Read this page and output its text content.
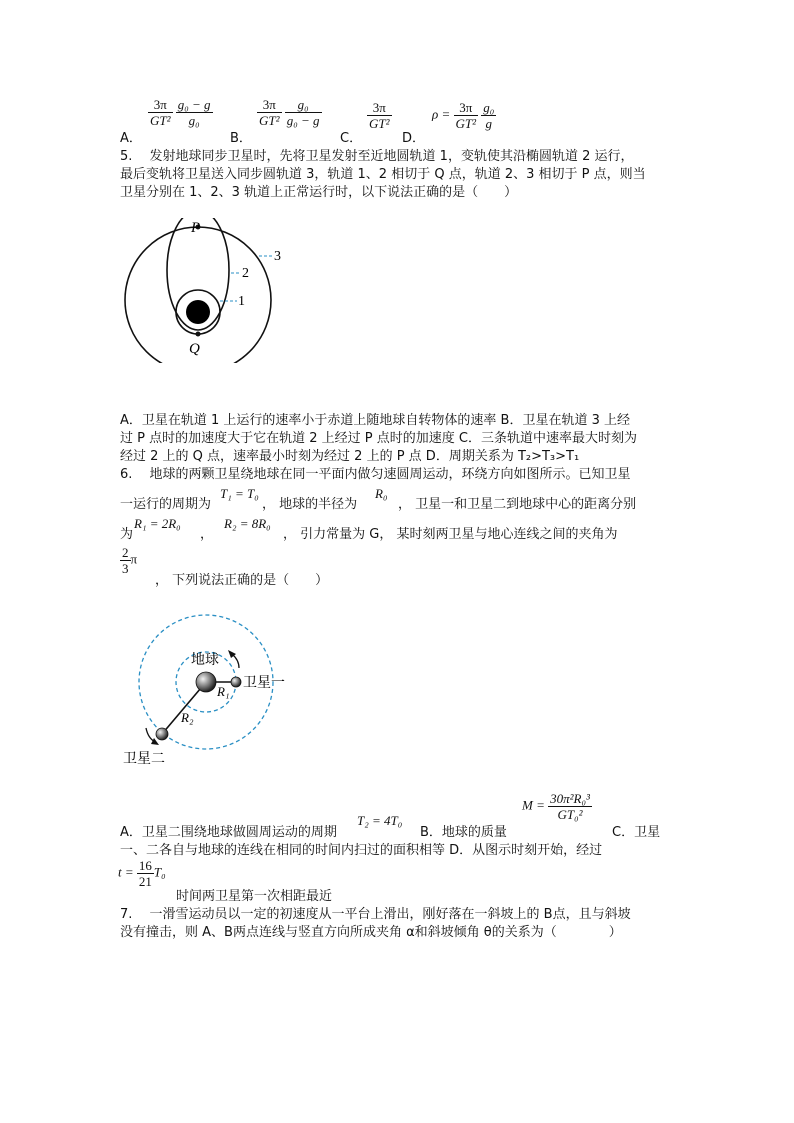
A．
$\frac{3\pi}{\text{GT²}}$
$\frac{\text{g₀ − g}}{\text{g₀}}$
B．
$\frac{3\pi}{\text{GT²}}$
$\frac{\text{g₀}}{\text{g₀ − g}}$
C．
$\frac{3\pi}{\text{GT²}}$
D．
$\rho = \frac{3\pi}{\text{GT²}}$
$\frac{\text{g₀}}{g}$
5.　 发射地球同步卫星时，先将卫星发射至近地圆轨道 1，变轨使其沿椭圆轨道 2 运行，
最后变轨将卫星送入同步圆轨道 3，轨道 1、2 相切于 Q 点，轨道 2、3 相切于 P 点，则当
卫星分别在 1、2、3 轨道上正常运行时，以下说法正确的是（　　）
P
Q
3
2
1
A．卫星在轨道 1 上运行的速率小于赤道上随地球自转物体的速率 B．卫星在轨道 3 上经
过 P 点时的加速度大于它在轨道 2 上经过 P 点时的加速度 C．三条轨道中速率最大时刻为
经过 2 上的 Q 点，速率最小时刻为经过 2 上的 P 点 D．周期关系为 T₂>T₃>T₁
6.　 地球的两颗卫星绕地球在同一平面内做匀速圆周运动，环绕方向如图所示。已知卫星
一运行的周期为
T₁ = T₀
， 地球的半径为
R₀
， 卫星一和卫星二到地球中心的距离分别
为
R₁ = 2R₀
，
R₂ = 8R₀
， 引力常量为 G， 某时刻两卫星与地心连线之间的夹角为
$\frac{2}{3}$ π
， 下列说法正确的是（　　）
地球
卫星一
卫星二
R₁
R₂
A．卫星二围绕地球做圆周运动的周期
T₂ = 4T₀
B．地球的质量
$M = \frac{\text{30π²R₀³}}{\text{GT₀²}}$
C．卫星
一、二各自与地球的连线在相同的时间内扫过的面积相等 D．从图示时刻开始，经过
$t = \frac{16}{21} T_0$
时间两卫星第一次相距最近
7.　 一滑雪运动员以一定的初速度从一平台上滑出，刚好落在一斜坡上的 B点，且与斜坡
没有撞击，则 A、B两点连线与竖直方向所成夹角 α和斜坡倾角 θ的关系为（　　　　）
